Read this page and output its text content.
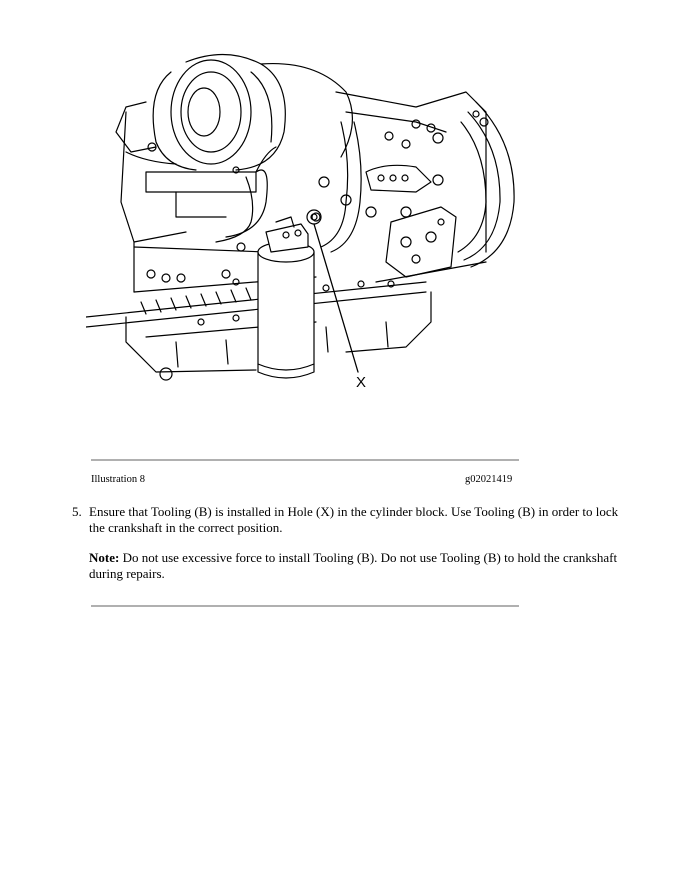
X
Illustration 8	g02021419
5. Ensure that Tooling (B) is installed in Hole (X) in the cylinder block. Use Tooling (B) in order to lock the crankshaft in the correct position.
Note: Do not use excessive force to install Tooling (B). Do not use Tooling (B) to hold the crankshaft during repairs.
